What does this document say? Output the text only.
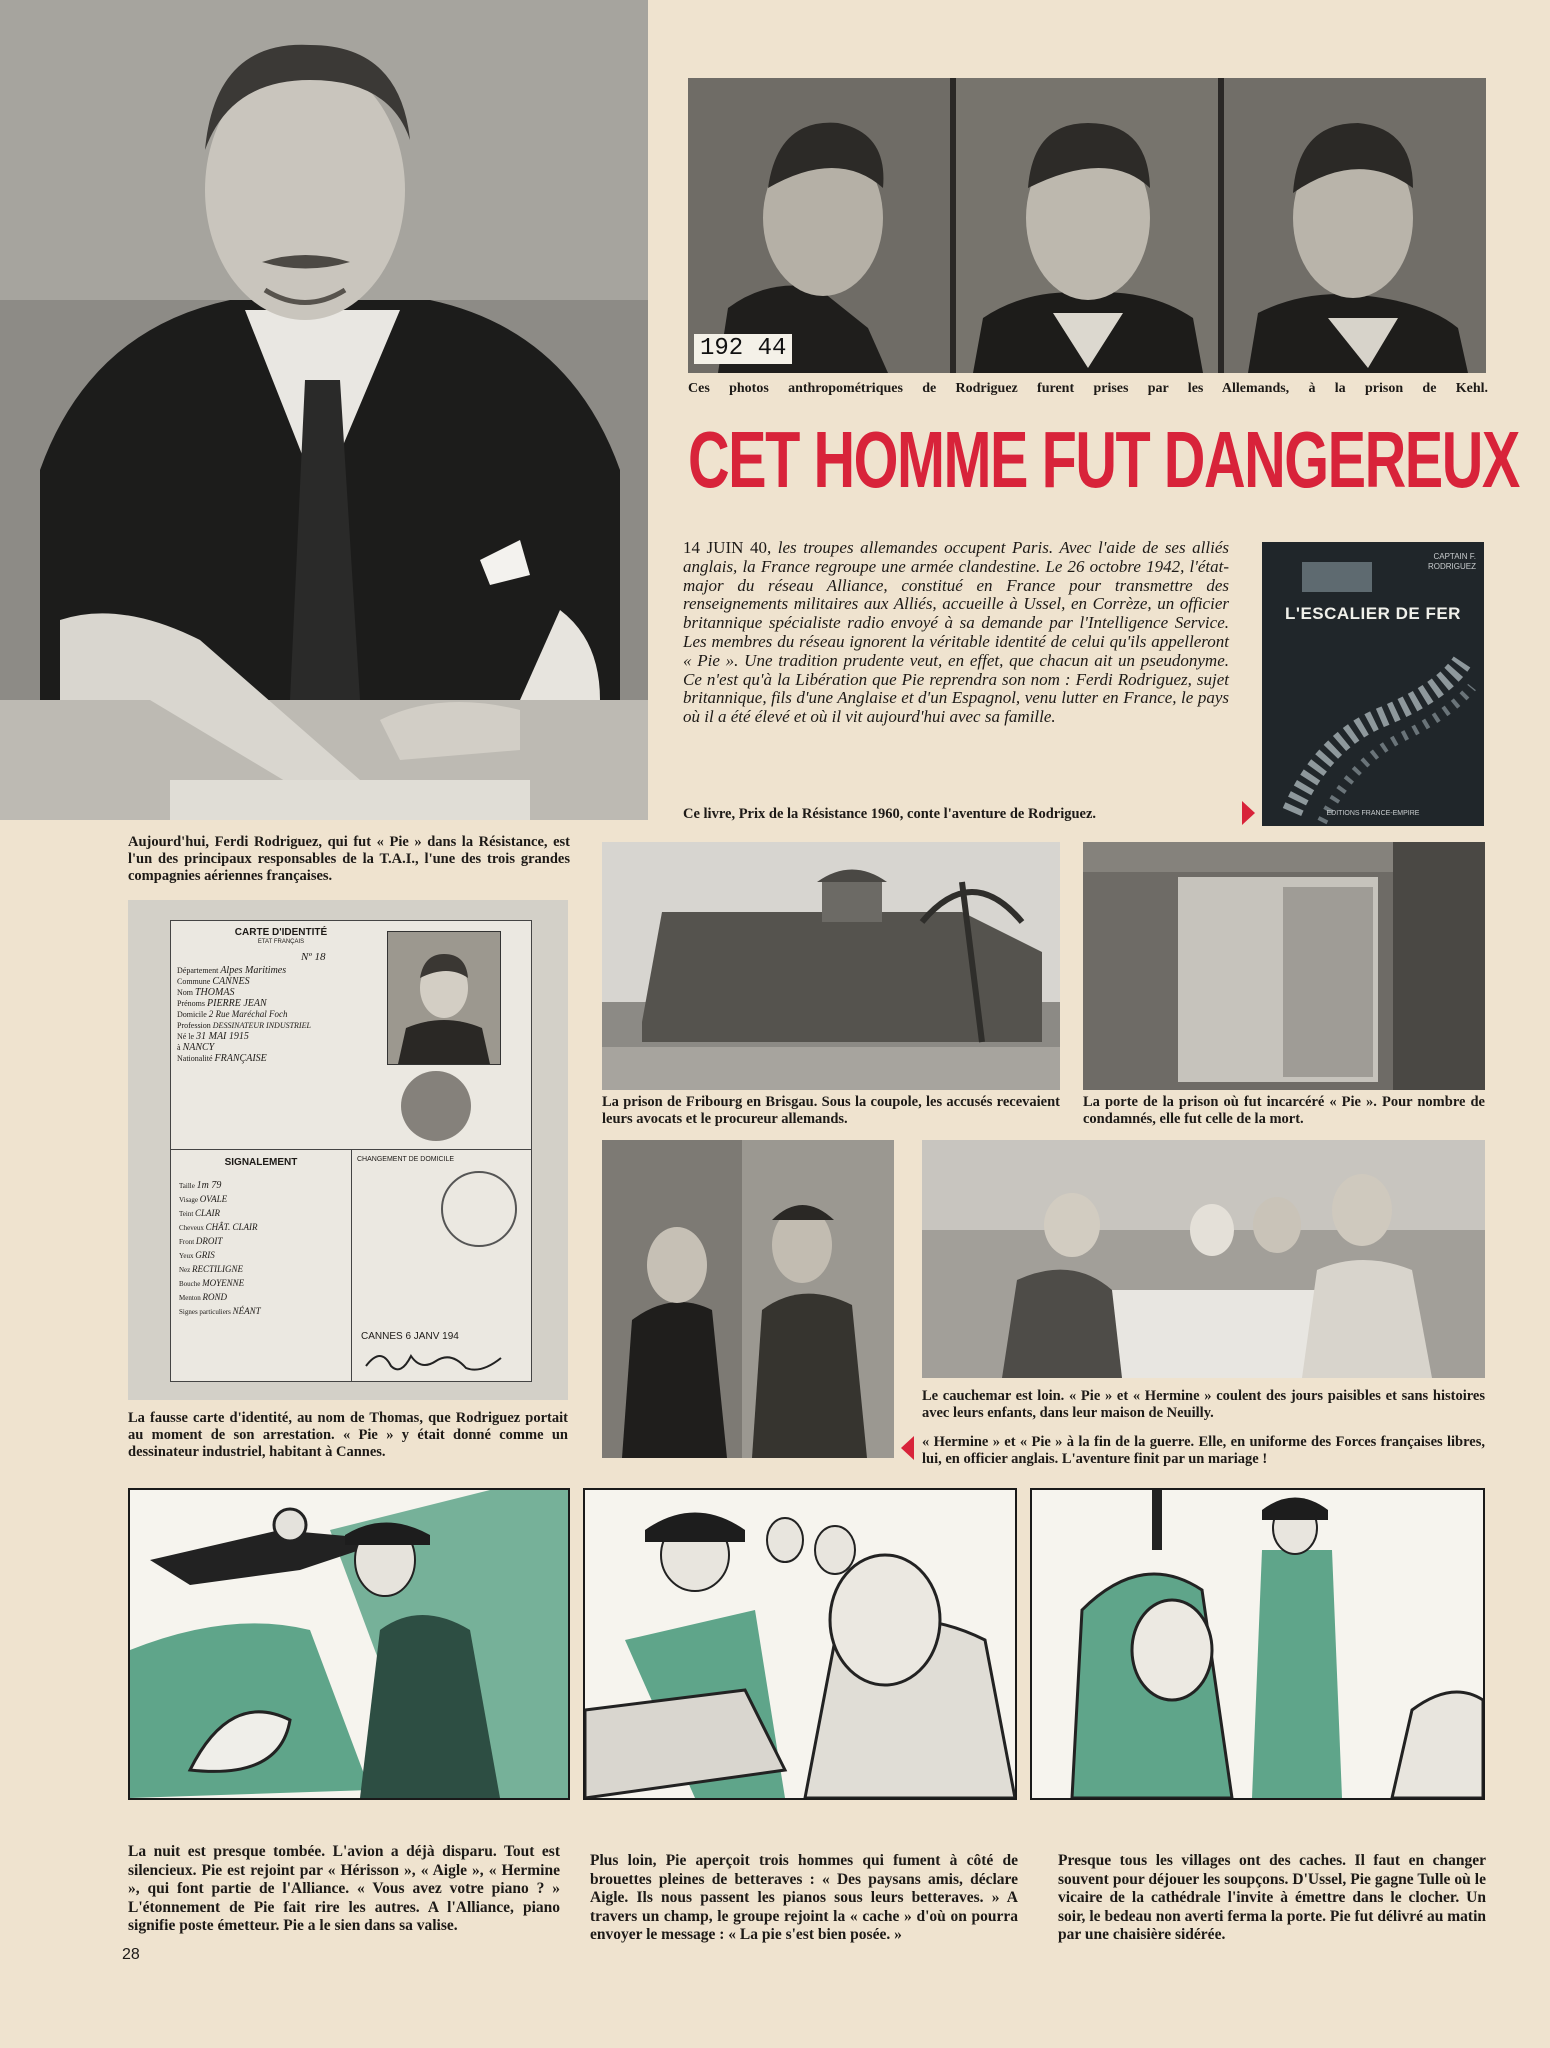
192 44
Ces photos anthropométriques de Rodriguez furent prises par les Allemands, à la prison de Kehl.
CET HOMME FUT DANGEREUX
14 JUIN 40, les troupes allemandes occupent Paris. Avec l'aide de ses alliés anglais, la France regroupe une armée clandestine. Le 26 octobre 1942, l'état-major du réseau Alliance, constitué en France pour transmettre des renseignements militaires aux Alliés, accueille à Ussel, en Corrèze, un officier britannique spécialiste radio envoyé à sa demande par l'Intelligence Service. Les membres du réseau ignorent la véritable identité de celui qu'ils appelleront « Pie ». Une tradition prudente veut, en effet, que chacun ait un pseudonyme. Ce n'est qu'à la Libération que Pie reprendra son nom : Ferdi Rodriguez, sujet britannique, fils d'une Anglaise et d'un Espagnol, venu lutter en France, le pays où il a été élevé et où il vit aujourd'hui avec sa famille.
CAPTAIN F. RODRIGUEZ
L'ESCALIER DE FER
EDITIONS FRANCE-EMPIRE
Ce livre, Prix de la Résistance 1960, conte l'aventure de Rodriguez.
Aujourd'hui, Ferdi Rodriguez, qui fut « Pie » dans la Résistance, est l'un des principaux responsables de la T.A.I., l'une des trois grandes compagnies aériennes françaises.
CARTE D'IDENTITÉ
ETAT FRANÇAIS
Nº 18
Département Alpes Maritimes
Commune CANNES
Nom THOMAS
Prénoms PIERRE JEAN
Domicile 2 Rue Maréchal Foch
Profession DESSINATEUR INDUSTRIEL
Né le 31 MAI 1915
à NANCY
Nationalité FRANÇAISE
SIGNALEMENT
Taille 1m 79
Visage OVALE
Teint CLAIR
Cheveux CHÂT. CLAIR
Front DROIT
Yeux GRIS
Nez RECTILIGNE
Bouche MOYENNE
Menton ROND
Signes particuliers NÉANT
CHANGEMENT DE DOMICILE
CANNES 6 JANV 194
La fausse carte d'identité, au nom de Thomas, que Rodriguez portait au moment de son arrestation. « Pie » y était donné comme un dessinateur industriel, habitant à Cannes.
La prison de Fribourg en Brisgau. Sous la coupole, les accusés recevaient leurs avocats et le procureur allemands.
La porte de la prison où fut incarcéré « Pie ». Pour nombre de condamnés, elle fut celle de la mort.
Le cauchemar est loin. « Pie » et « Hermine » coulent des jours paisibles et sans histoires avec leurs enfants, dans leur maison de Neuilly.
« Hermine » et « Pie » à la fin de la guerre. Elle, en uniforme des Forces françaises libres, lui, en officier anglais. L'aventure finit par un mariage !
La nuit est presque tombée. L'avion a déjà disparu. Tout est silencieux. Pie est rejoint par « Hérisson », « Aigle », « Hermine », qui font partie de l'Alliance. « Vous avez votre piano ? » L'étonnement de Pie fait rire les autres. A l'Alliance, piano signifie poste émetteur. Pie a le sien dans sa valise.
Plus loin, Pie aperçoit trois hommes qui fument à côté de brouettes pleines de betteraves : « Des paysans amis, déclare Aigle. Ils nous passent les pianos sous leurs betteraves. » A travers un champ, le groupe rejoint la « cache » d'où on pourra envoyer le message : « La pie s'est bien posée. »
Presque tous les villages ont des caches. Il faut en changer souvent pour déjouer les soupçons. D'Ussel, Pie gagne Tulle où le vicaire de la cathédrale l'invite à émettre dans le clocher. Un soir, le bedeau non averti ferma la porte. Pie fut délivré au matin par une chaisière sidérée.
28
